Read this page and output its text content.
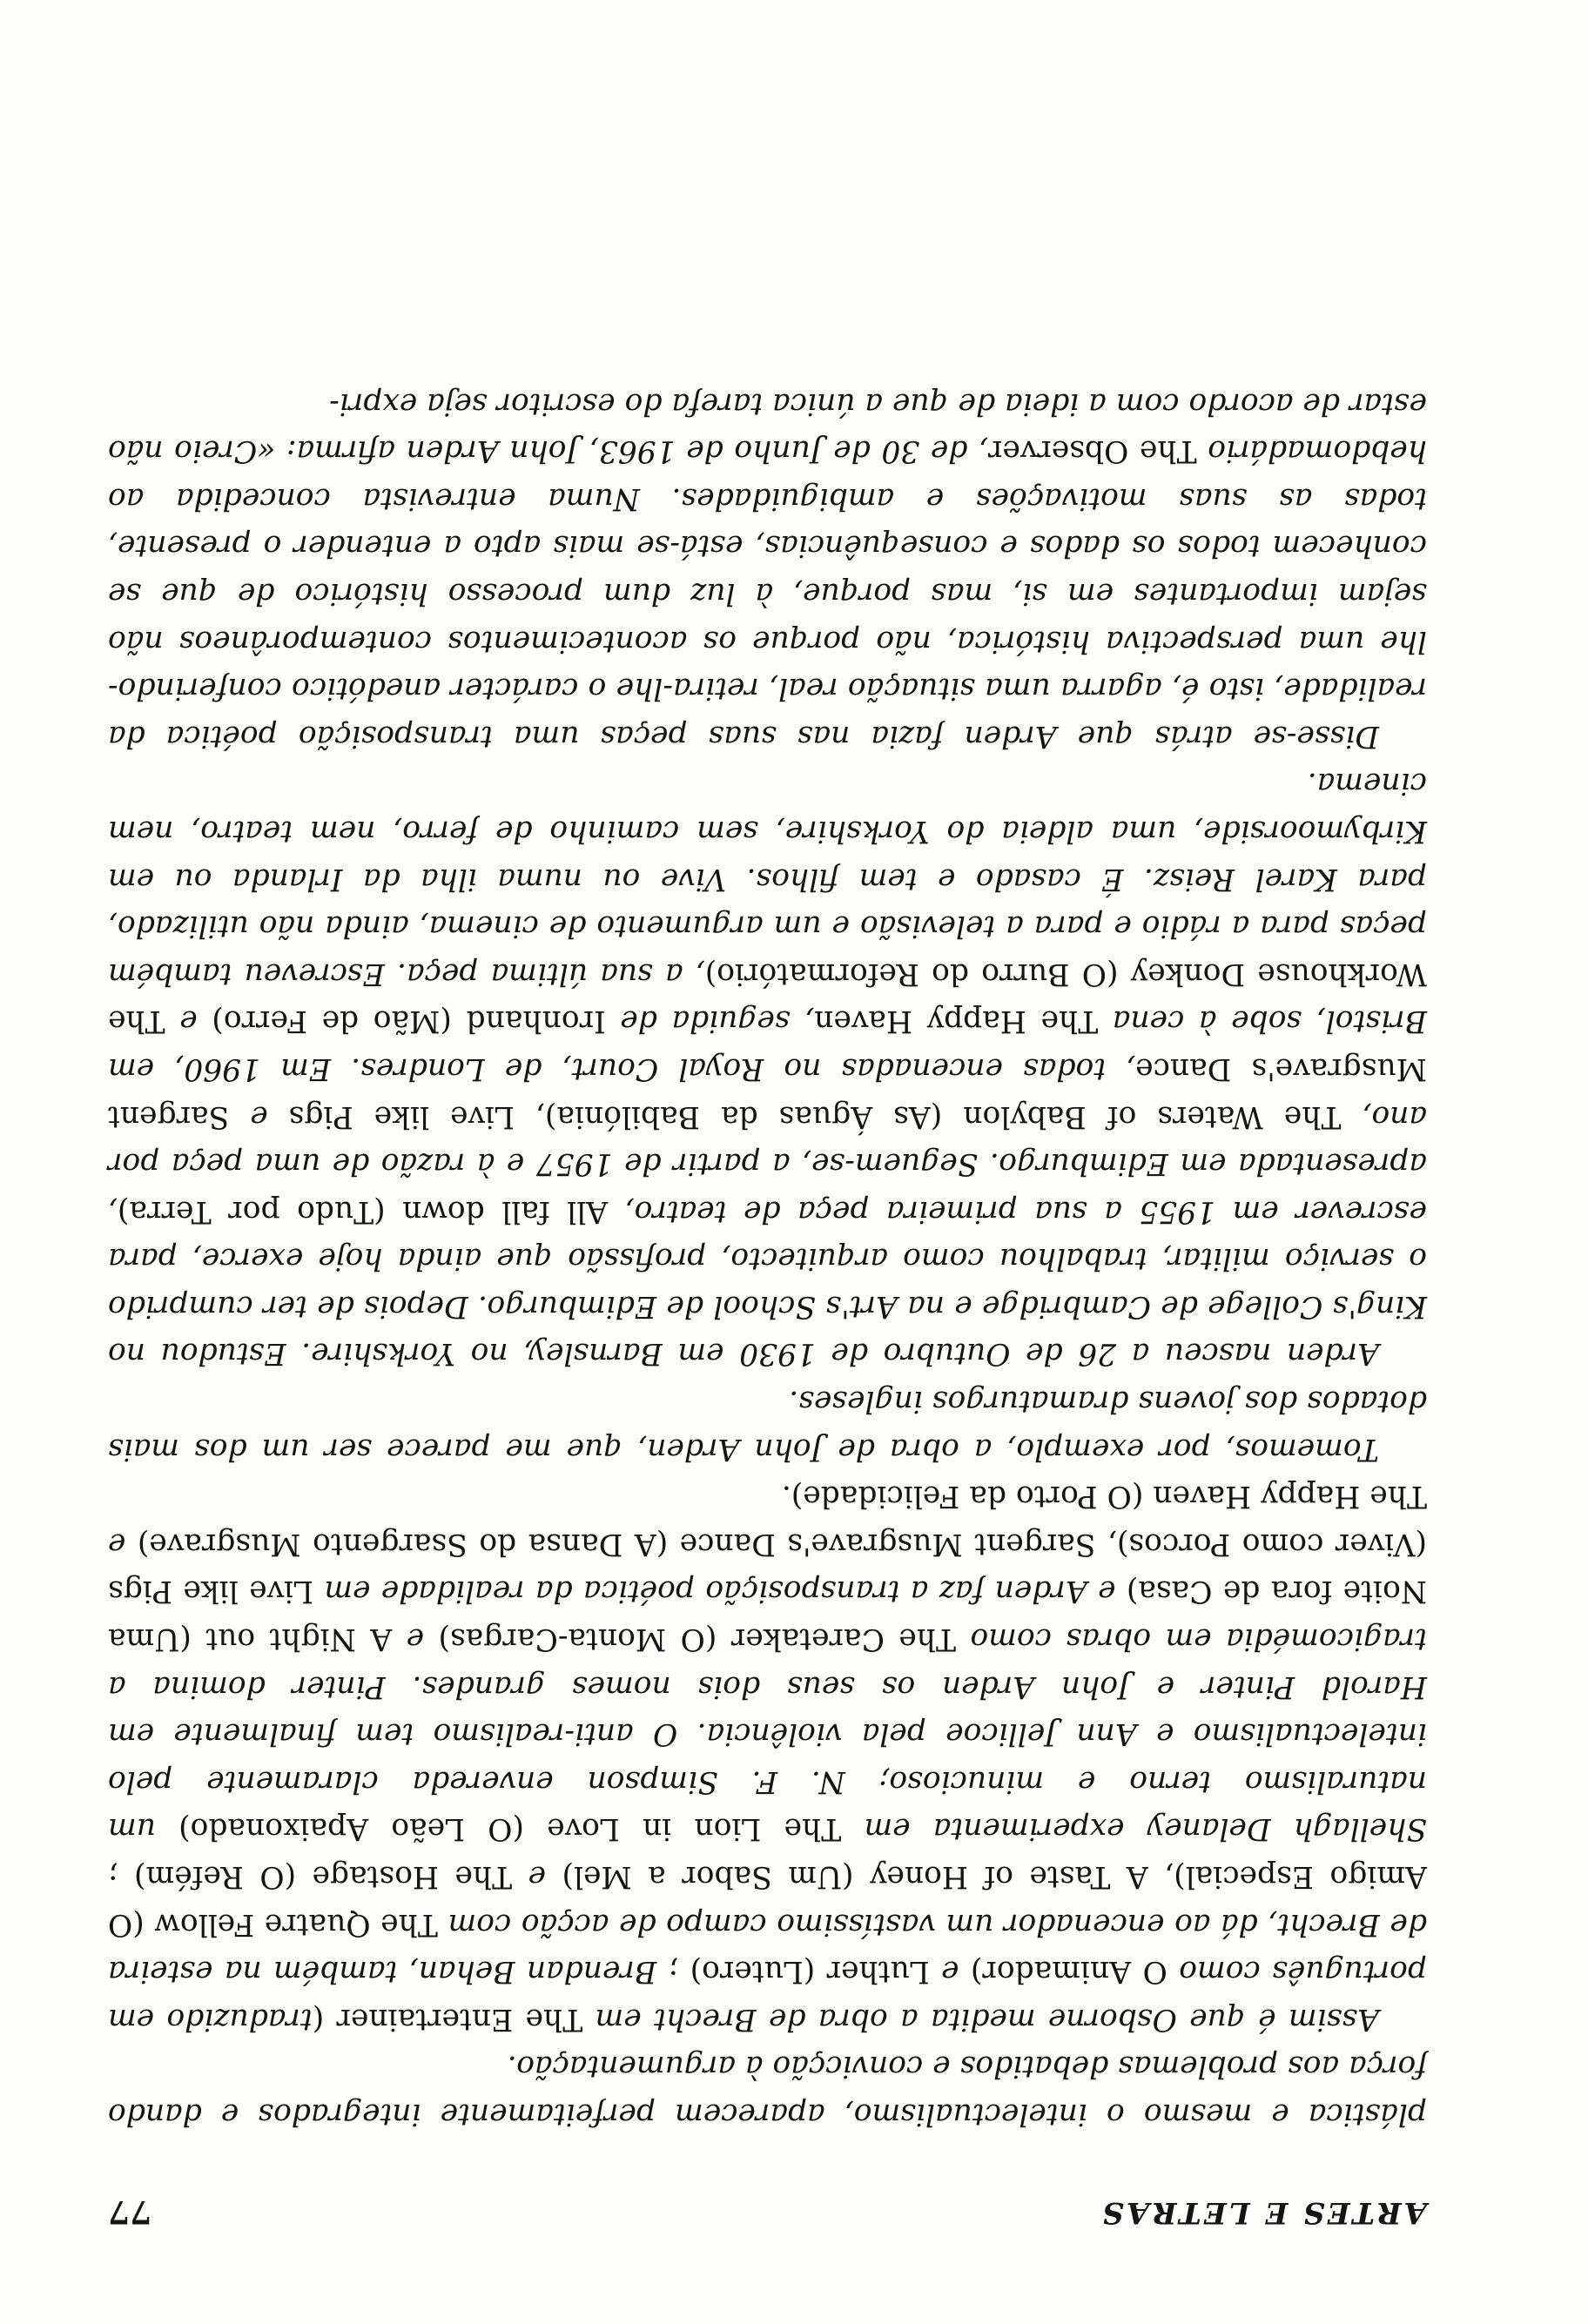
ARTES E LETRAS
77

plástica e mesmo o intelectualismo, aparecem perfeitamente integrados e dando força aos problemas debatidos e convicção à argumentação.

Assim é que Osborne medita a obra de Brecht em The Entertainer (traduzido em português como O Animador) e Luther (Lutero) ; Brendan Behan, também na esteira de Brecht, dá ao encenador um vastíssimo campo de acção com The Quatre Fellow (O Amigo Especial), A Taste of Honey (Um Sabor a Mel) e The Hostage (O Refém) ; Shellagh Delaney experimenta em The Lion in Love (O Leão Apaixonado) um naturalismo terno e minucioso; N. F. Simpson enveredа claramente pelo intelectualismo e Ann Jellicoe pela violência. O anti-realismo tem finalmente em Harold Pinter e John Arden os seus dois nomes grandes. Pinter domina a tragicomédia em obras como The Caretaker (O Monta-Cargas) e A Night out (Uma Noite fora de Casa) e Arden faz a transposição poética da realidade em Live like Pigs (Viver como Porcos), Sargent Musgrave's Dance (A Dansa do Ssargento Musgrave) e The Happy Haven (O Porto da Felicidade).

Tomemos, por exemplo, a obra de John Arden, que me parece ser um dos mais dotados dos jovens dramaturgos ingleses.

Arden nasceu a 26 de Outubro de 1930 em Barnsley, no Yorkshire. Estudou no King's College de Cambridge e na Art's School de Edimburgo. Depois de ter cumprido o serviço militar, trabalhou como arquitecto, profissão que ainda hoje exerce, para escrever em 1955 a sua primeira peça de teatro, All fall down (Tudo por Terra), apresentada em Edimburgo. Seguem-se, a partir de 1957 e à razão de uma peça por ano, The Waters of Babylon (As Águas da Babilónia), Live like Pigs e Sargent Musgrave's Dance, todas encenadas no Royal Court, de Londres. Em 1960, em Bristol, sobe à cena The Happy Haven, seguida de Ironhand (Mão de Ferro) e The Workhouse Donkey (O Burro do Reformatório), a sua última peça. Escreveu também peças para a rádio e para a televisão e um argumento de cinema, ainda não utilizado, para Karel Reisz. É casado e tem filhos. Vive ou numa ilha da Irlanda ou em Kirbymoorside, uma aldeia do Yorkshire, sem caminho de ferro, nem teatro, nem cinema.

Disse-se atrás que Arden fazia nas suas peças uma transposição poética da realidade, isto é, agarra uma situação real, retira-lhe o carácter anedótico conferindo-lhe uma perspectiva histórica, não porque os acontecimentos contemporâneos não sejam importantes em si, mas porque, à luz dum processo histórico de que se conhecem todos os dados e consequências, está-se mais apto a entender o presente, todas as suas motivações e ambiguidades. Numa entrevista concedida ao hebdomadário The Observer, de 30 de Junho de 1963, John Arden afirma: «Creio não estar de acordo com a ideia de que a única tarefa do escritor seja expri-
